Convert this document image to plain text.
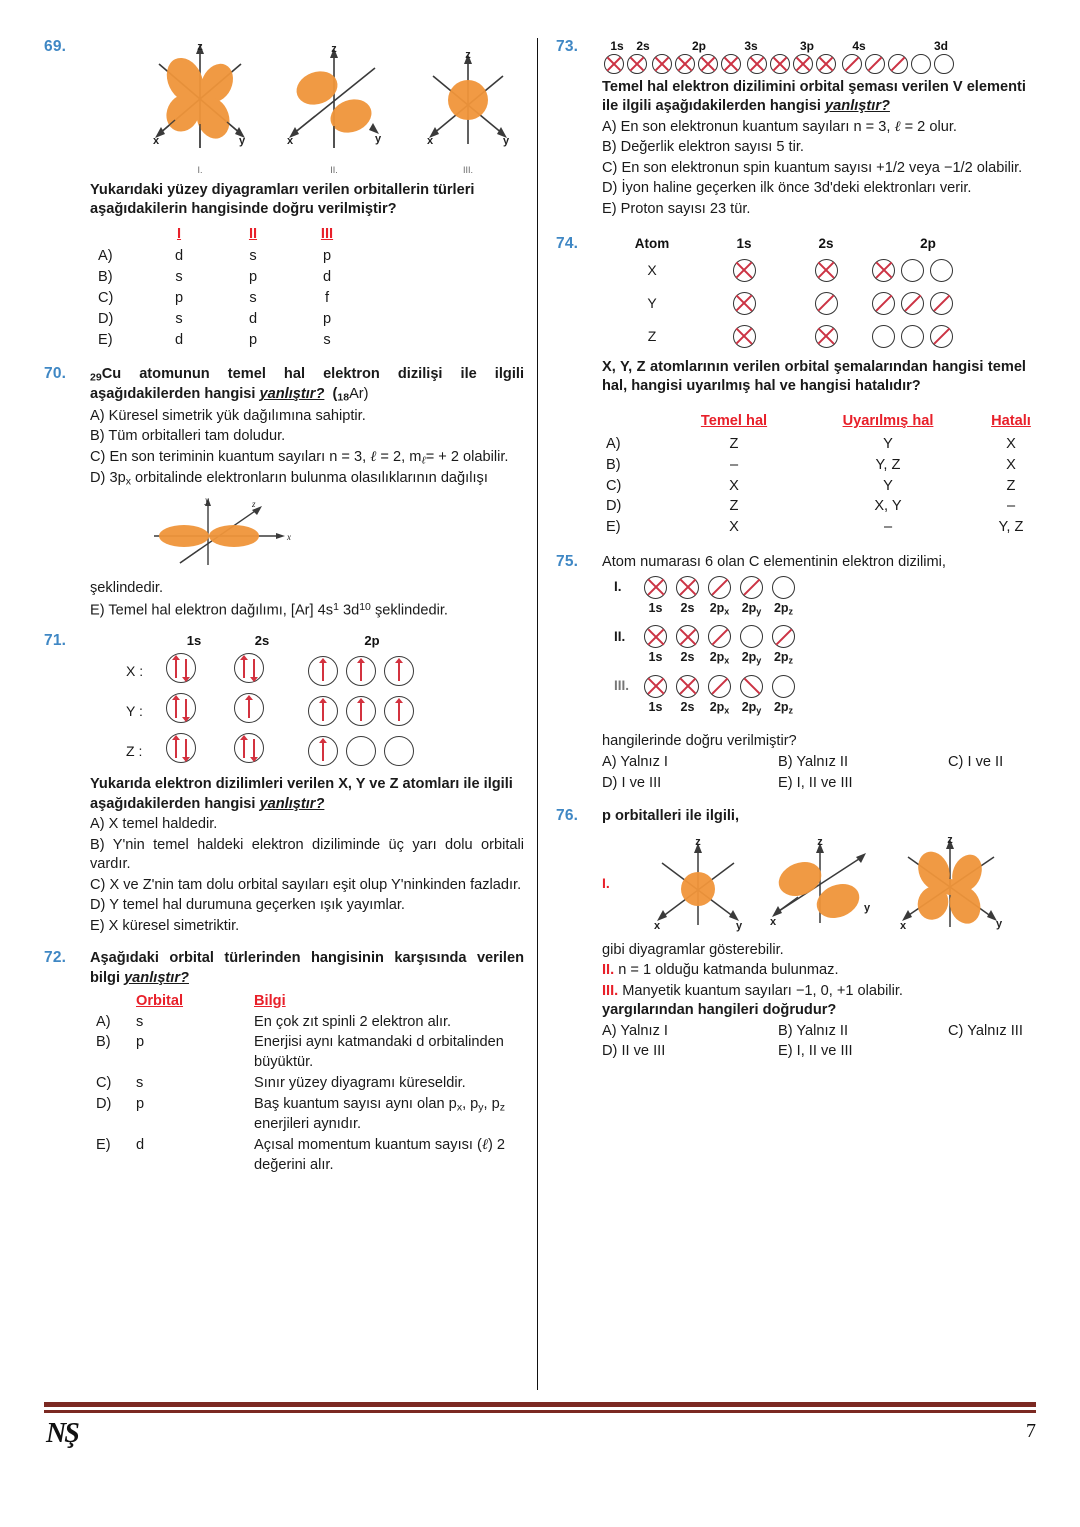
69.	z
x	y
I.
z
x	y
II.
z
x	y
III.
Yukarıdaki yüzey diyagramları verilen orbitallerin türleri aşağıdakilerin hangisinde doğru verilmiştir?
	I	II	III
A)	d	s	p
B)	s	p	d
C)	p	s	f
D)	s	d	p
E)	d	p	s
70. $_{29}$Cu atomunun temel hal elektron dizilişi ile ilgili aşağıdakilerden hangisi yanlıştır?  $(_{18}Ar)$
A) Küresel simetrik yük dağılımına sahiptir.
B) Tüm orbitalleri tam doludur.
C) En son teriminin kuantum sayıları n = 3, ℓ = 2, $m_\ell= + 2$ olabilir.
D) $3p_x$ orbitalinde elektronların bulunma olasılıklarının dağılışı
y	z
x
şeklindedir.
E) Temel hal elektron dağılımı, [Ar] $4s^1$ $3d^{10}$ şeklindedir.
71.	1s	2s	2p
X :
Y :
Z :
Yukarıda elektron dizilimleri verilen X, Y ve Z atomları ile ilgili aşağıdakilerden hangisi yanlıştır?
A) X temel haldedir.
B) Y'nin temel haldeki elektron diziliminde üç yarı dolu orbitali vardır.
C) X ve Z'nin tam dolu orbital sayıları eşit olup Y'ninkinden fazladır.
D) Y temel hal durumuna geçerken ışık yayımlar.
E) X küresel simetriktir.
72. Aşağıdaki orbital türlerinden hangisinin karşısında verilen bilgi yanlıştır?
	Orbital	Bilgi
A)	s	En çok zıt spinli 2 elektron alır.
B)	p	Enerjisi aynı katmandaki d orbitalinden büyüktür.
C)	s	Sınır yüzey diyagramı küreseldir.
D)	p	Baş kuantum sayısı aynı olan $p_x$, $p_y$, $p_z$ enerjileri aynıdır.
E)	d	Açısal momentum kuantum sayısı (ℓ) 2 değerini alır.
73.	1s	2s	2p	3s	3p	4s	3d
Temel hal elektron dizilimini orbital şeması verilen V elementi ile ilgili aşağıdakilerden hangisi yanlıştır?
A) En son elektronun kuantum sayıları n = 3, ℓ = 2 olur.
B) Değerlik elektron sayısı 5 tir.
C) En son elektronun spin kuantum sayısı +1/2 veya −1/2 olabilir.
D) İyon haline geçerken ilk önce 3d'deki elektronları verir.
E) Proton sayısı 23 tür.
74.	Atom	1s	2s	2p
X
Y
Z
X, Y, Z atomlarının verilen orbital şemalarından hangisi temel hal, hangisi uyarılmış hal ve hangisi hatalıdır?
	Temel hal	Uyarılmış hal	Hatalı
A)	Z	Y	X
B)	–	Y, Z	X
C)	X	Y	Z
D)	Z	X, Y	–
E)	X	–	Y, Z
75. Atom numarası 6 olan C elementinin elektron dizilimi,
I.
1s	2s	$2p_x$ $2p_y$ $2p_z$
II.
1s	2s	$2p_x$ $2p_y$ $2p_z$
III.
1s	2s	$2p_x$ $2p_y$ $2p_z$
hangilerinde doğru verilmiştir?
A) Yalnız I	B) Yalnız II	C) I ve II
D) I ve III	E) I, II ve III
76. p orbitalleri ile ilgili,
I.
z
x	y
z
x
y
z
x	y
gibi diyagramlar gösterebilir.
II. n = 1 olduğu katmanda bulunmaz.
III. Manyetik kuantum sayıları −1, 0, +1 olabilir.
yargılarından hangileri doğrudur?
A) Yalnız I	B) Yalnız II	C) Yalnız III
D) II ve III	E) I, II ve III
NŞ	7
